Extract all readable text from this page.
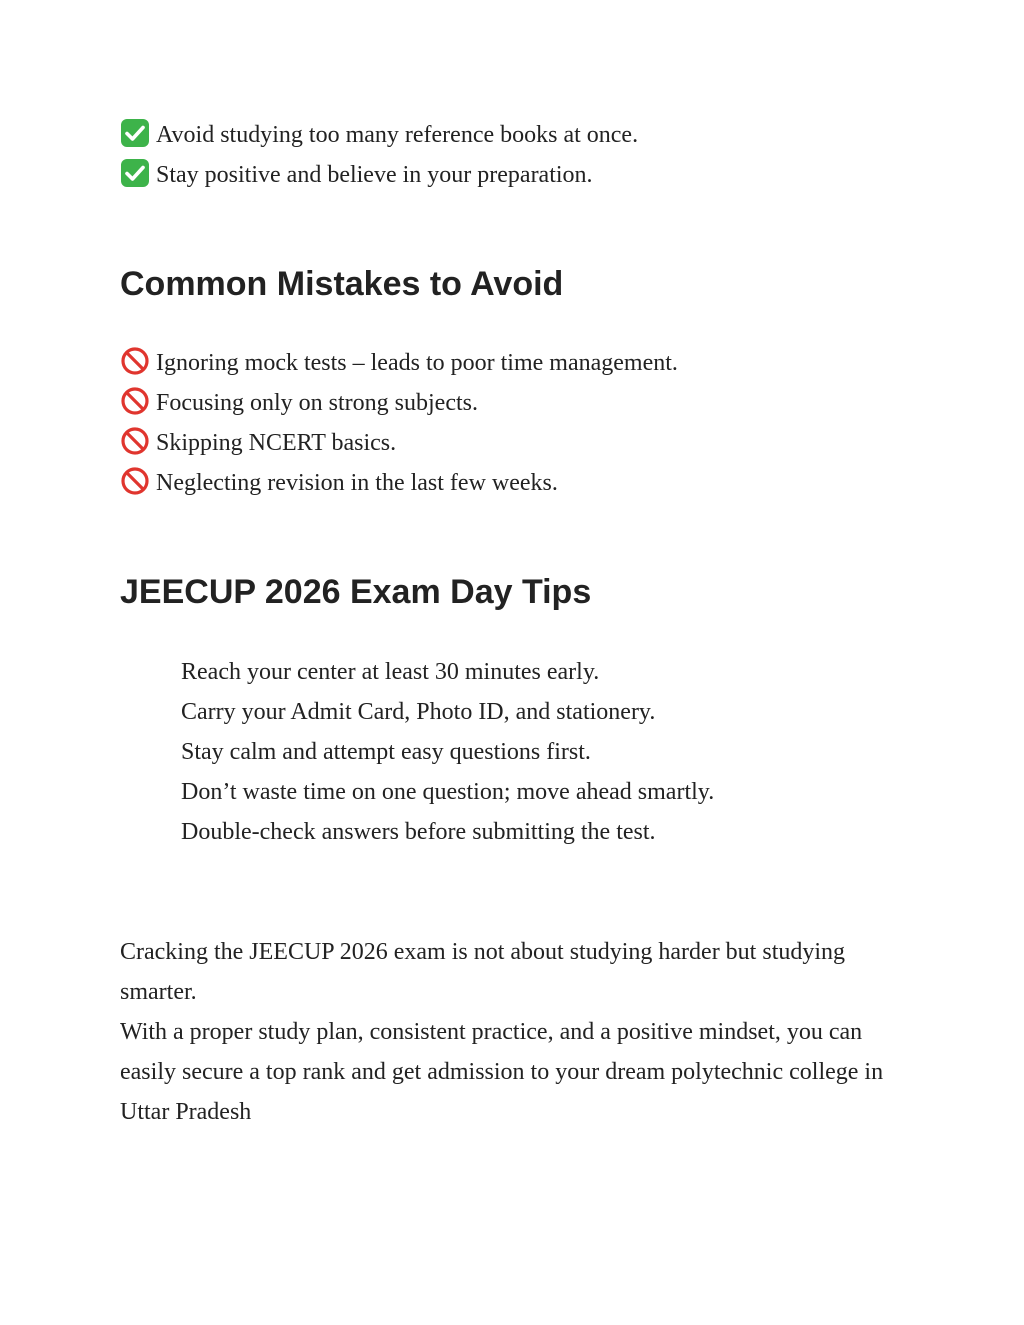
Avoid studying too many reference books at once.
Stay positive and believe in your preparation.
Common Mistakes to Avoid
Ignoring mock tests – leads to poor time management.
Focusing only on strong subjects.
Skipping NCERT basics.
Neglecting revision in the last few weeks.
JEECUP 2026 Exam Day Tips
Reach your center at least 30 minutes early.
Carry your Admit Card, Photo ID, and stationery.
Stay calm and attempt easy questions first.
Don’t waste time on one question; move ahead smartly.
Double-check answers before submitting the test.

Cracking the JEECUP 2026 exam is not about studying harder but studying smarter.

With a proper study plan, consistent practice, and a positive mindset, you can easily secure a top rank and get admission to your dream polytechnic college in Uttar Pradesh
